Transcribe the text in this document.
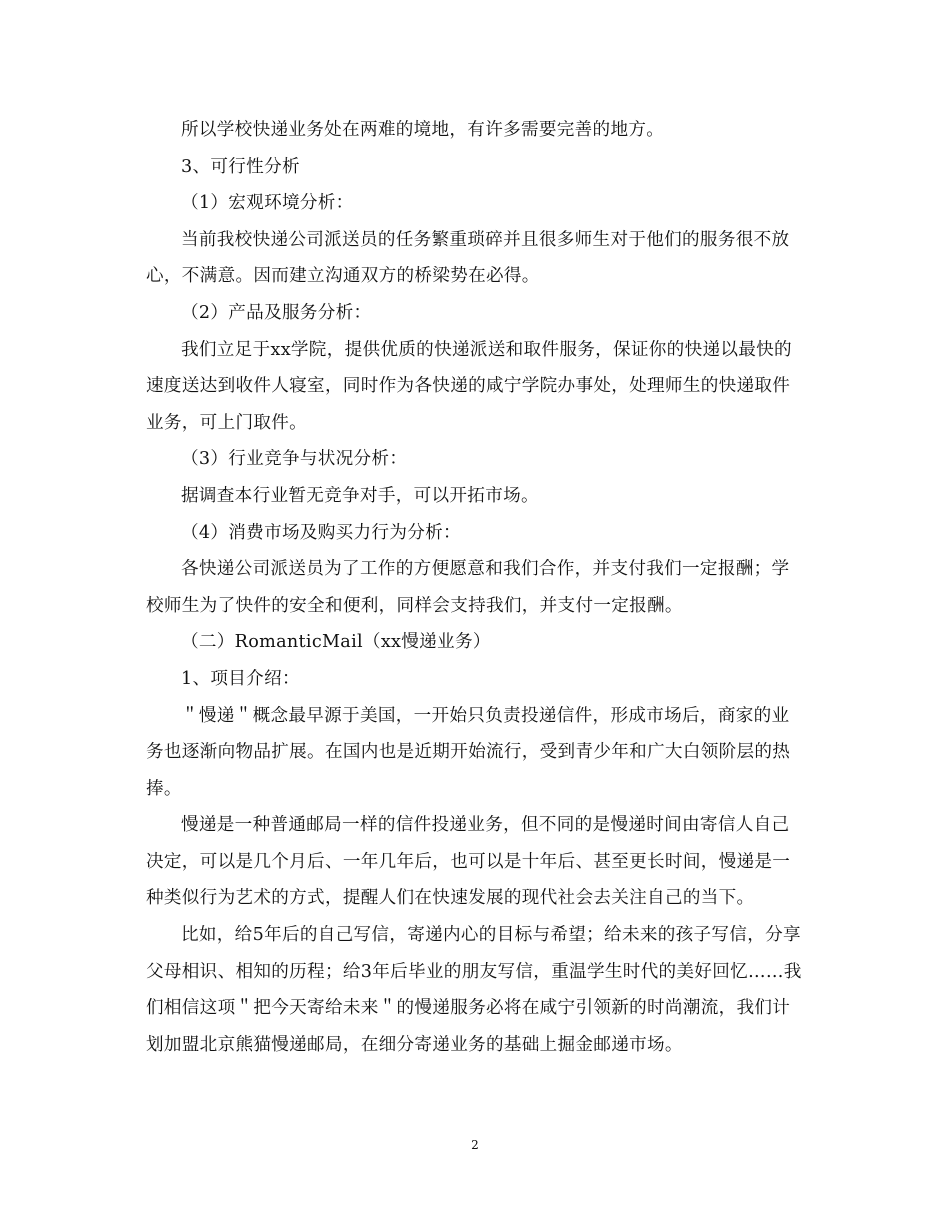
所以学校快递业务处在两难的境地，有许多需要完善的地方。

3、可行性分析

（1）宏观环境分析：

当前我校快递公司派送员的任务繁重琐碎并且很多师生对于他们的服务很不放心，不满意。因而建立沟通双方的桥梁势在必得。

（2）产品及服务分析：

我们立足于xx学院，提供优质的快递派送和取件服务，保证你的快递以最快的速度送达到收件人寝室，同时作为各快递的咸宁学院办事处，处理师生的快递取件业务，可上门取件。

（3）行业竞争与状况分析：

据调查本行业暂无竞争对手，可以开拓市场。

（4）消费市场及购买力行为分析：

各快递公司派送员为了工作的方便愿意和我们合作，并支付我们一定报酬；学校师生为了快件的安全和便利，同样会支持我们，并支付一定报酬。

（二）RomanticMail（xx慢递业务）

1、项目介绍：

＂慢递＂概念最早源于美国，一开始只负责投递信件，形成市场后，商家的业务也逐渐向物品扩展。在国内也是近期开始流行，受到青少年和广大白领阶层的热捧。

慢递是一种普通邮局一样的信件投递业务，但不同的是慢递时间由寄信人自己决定，可以是几个月后、一年几年后，也可以是十年后、甚至更长时间，慢递是一种类似行为艺术的方式，提醒人们在快速发展的现代社会去关注自己的当下。

比如，给5年后的自己写信，寄递内心的目标与希望；给未来的孩子写信，分享父母相识、相知的历程；给3年后毕业的朋友写信，重温学生时代的美好回忆……我们相信这项＂把今天寄给未来＂的慢递服务必将在咸宁引领新的时尚潮流，我们计划加盟北京熊猫慢递邮局，在细分寄递业务的基础上掘金邮递市场。

2
